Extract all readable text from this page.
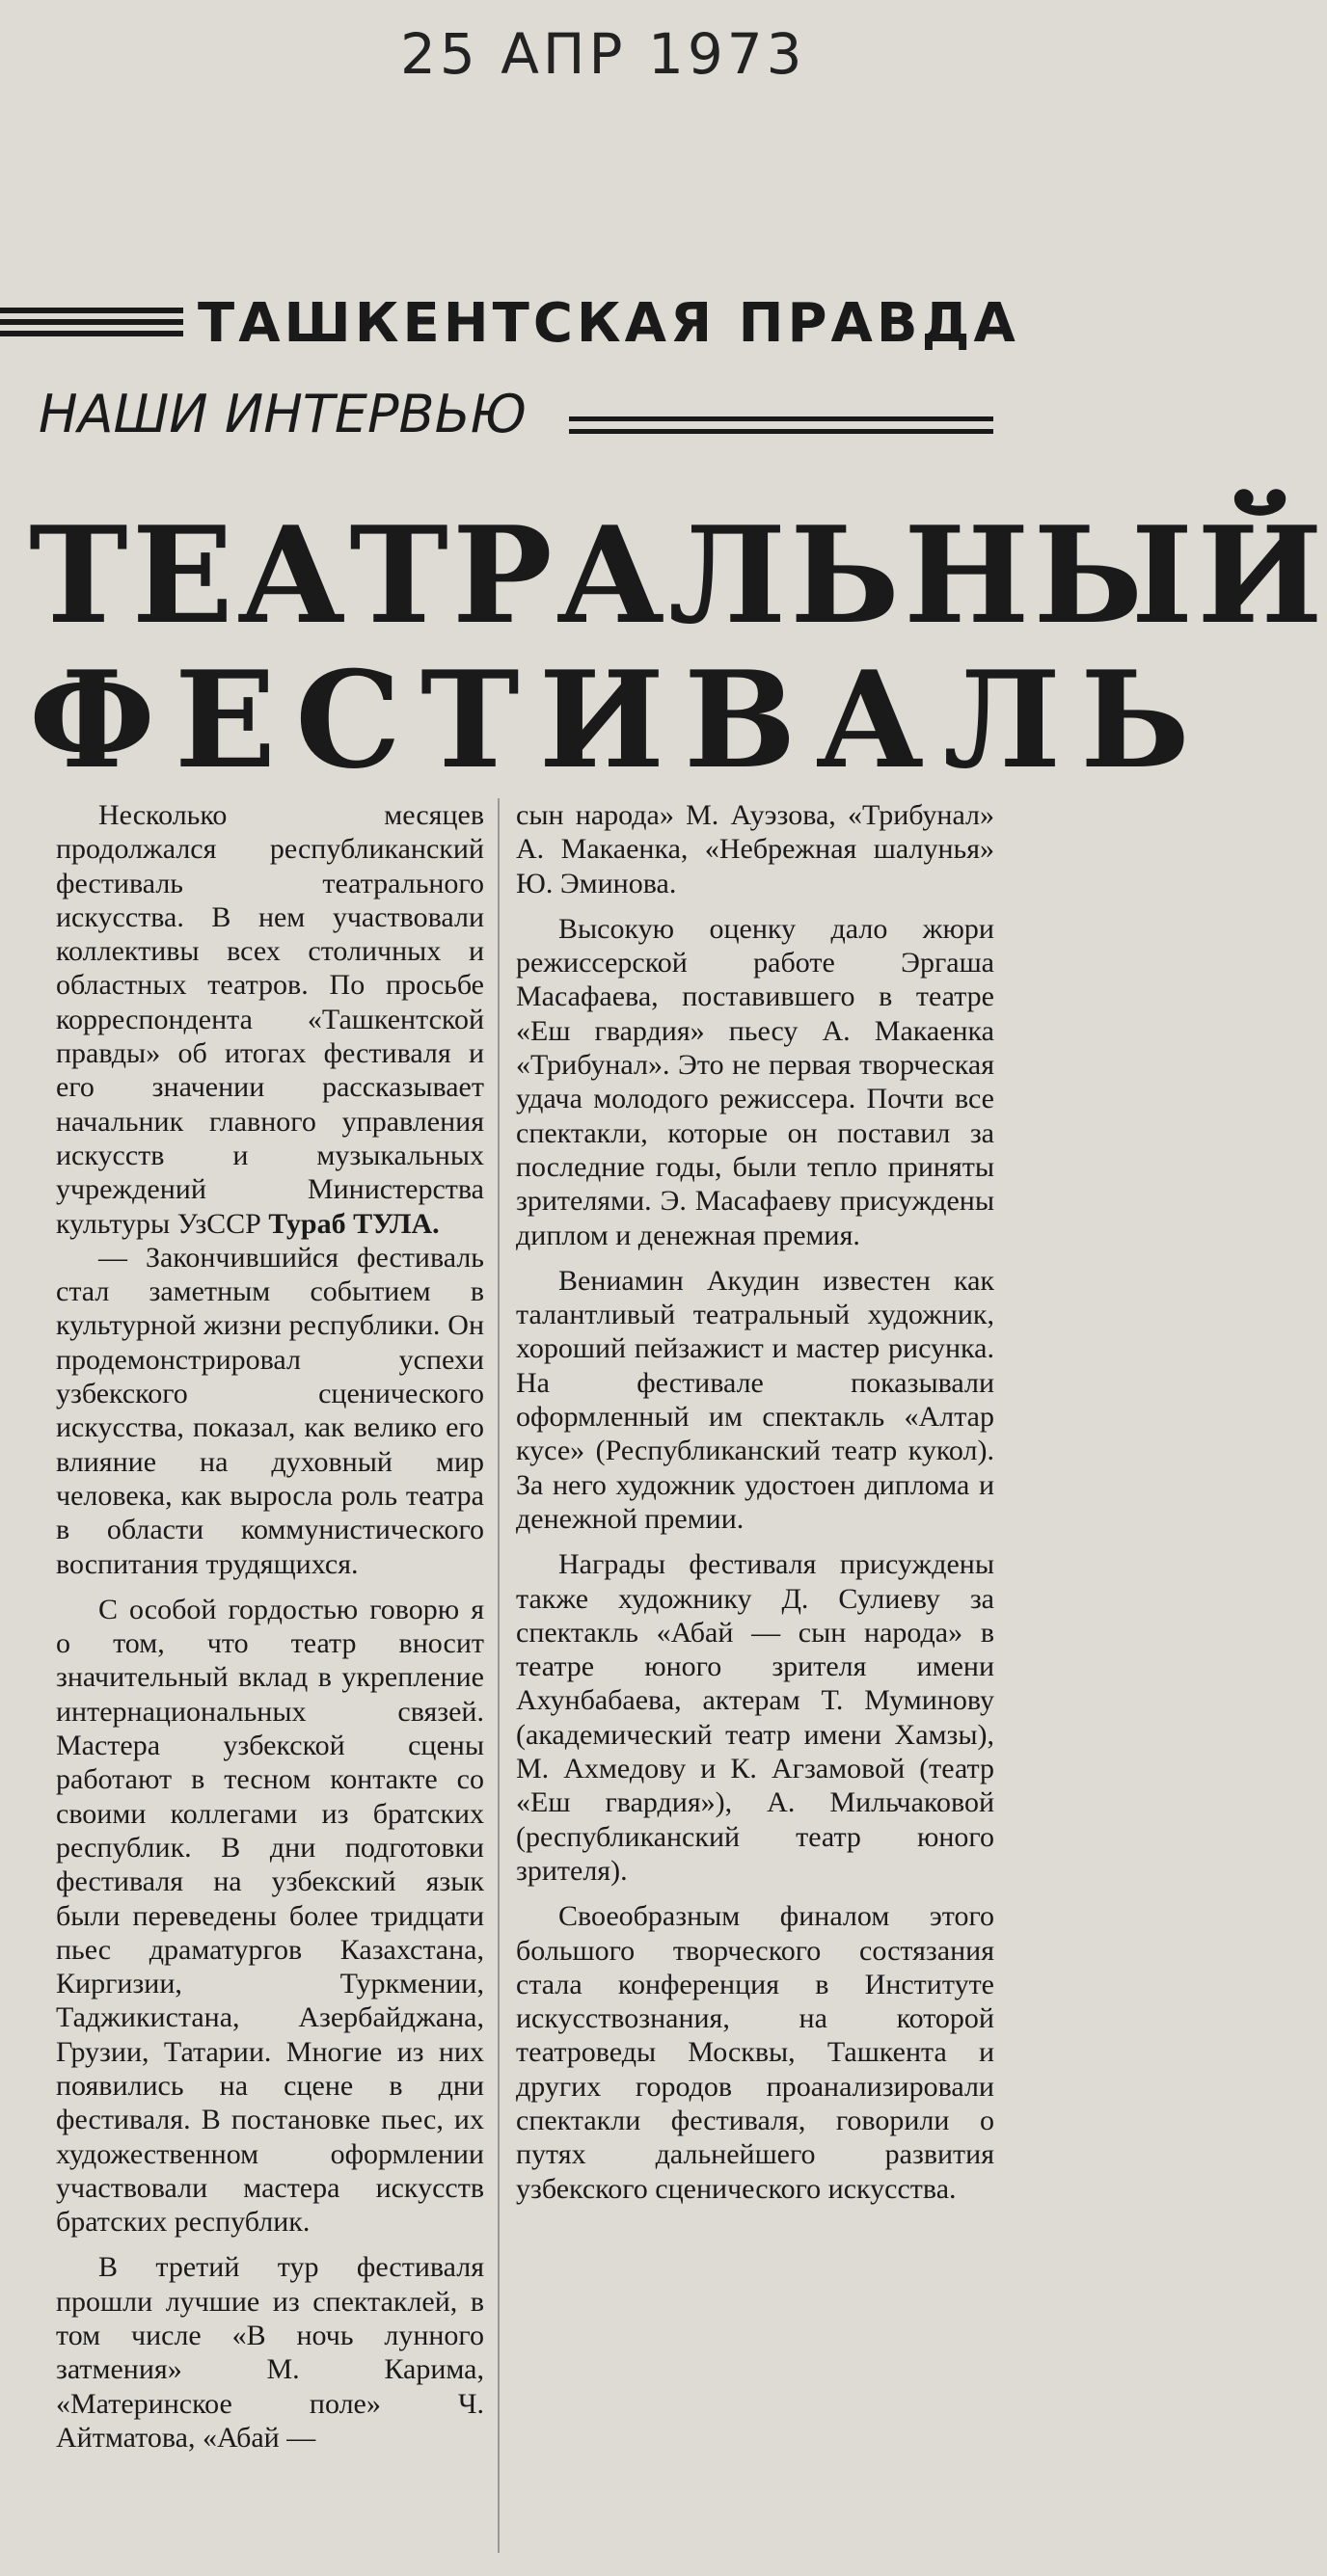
25 АПР 1973
ТАШКЕНТСКАЯ ПРАВДА
НАШИ ИНТЕРВЬЮ
ТЕАТРАЛЬНЫЙ
ФЕСТИВАЛЬ

Несколько месяцев продолжался республиканский фестиваль театрального искусства. В нем участвовали коллективы всех столичных и областных театров. По просьбе корреспондента «Ташкентской правды» об итогах фестиваля и его значении рассказывает начальник главного управления искусств и музыкальных учреждений Министерства культуры УзССР Тураб ТУЛА.

— Закончившийся фестиваль стал заметным событием в культурной жизни республики. Он продемонстрировал успехи узбекского сценического искусства, показал, как велико его влияние на духовный мир человека, как выросла роль театра в области коммунистического воспитания трудящихся.

С особой гордостью говорю я о том, что театр вносит значительный вклад в укрепление интернациональных связей. Мастера узбекской сцены работают в тесном контакте со своими коллегами из братских республик. В дни подготовки фестиваля на узбекский язык были переведены более тридцати пьес драматургов Казахстана, Киргизии, Туркмении, Таджикистана, Азербайджана, Грузии, Татарии. Многие из них появились на сцене в дни фестиваля. В постановке пьес, их художественном оформлении участвовали мастера искусств братских республик.

В третий тур фестиваля прошли лучшие из спектаклей, в том числе «В ночь лунного затмения» М. Карима, «Материнское поле» Ч. Айтматова, «Абай —

сын народа» М. Ауэзова, «Трибунал» А. Макаенка, «Небрежная шалунья» Ю. Эминова.

Высокую оценку дало жюри режиссерской работе Эргаша Масафаева, поставившего в театре «Еш гвардия» пьесу А. Макаенка «Трибунал». Это не первая творческая удача молодого режиссера. Почти все спектакли, которые он поставил за последние годы, были тепло приняты зрителями. Э. Масафаеву присуждены диплом и денежная премия.

Вениамин Акудин известен как талантливый театральный художник, хороший пейзажист и мастер рисунка. На фестивале показывали оформленный им спектакль «Алтар кусе» (Республиканский театр кукол). За него художник удостоен диплома и денежной премии.

Награды фестиваля присуждены также художнику Д. Сулиеву за спектакль «Абай — сын народа» в театре юного зрителя имени Ахунбабаева, актерам Т. Муминову (академический театр имени Хамзы), М. Ахмедову и К. Агзамовой (театр «Еш гвардия»), А. Мильчаковой (республиканский театр юного зрителя).

Своеобразным финалом этого большого творческого состязания стала конференция в Институте искусствознания, на которой театроведы Москвы, Ташкента и других городов проанализировали спектакли фестиваля, говорили о путях дальнейшего развития узбекского сценического искусства.
